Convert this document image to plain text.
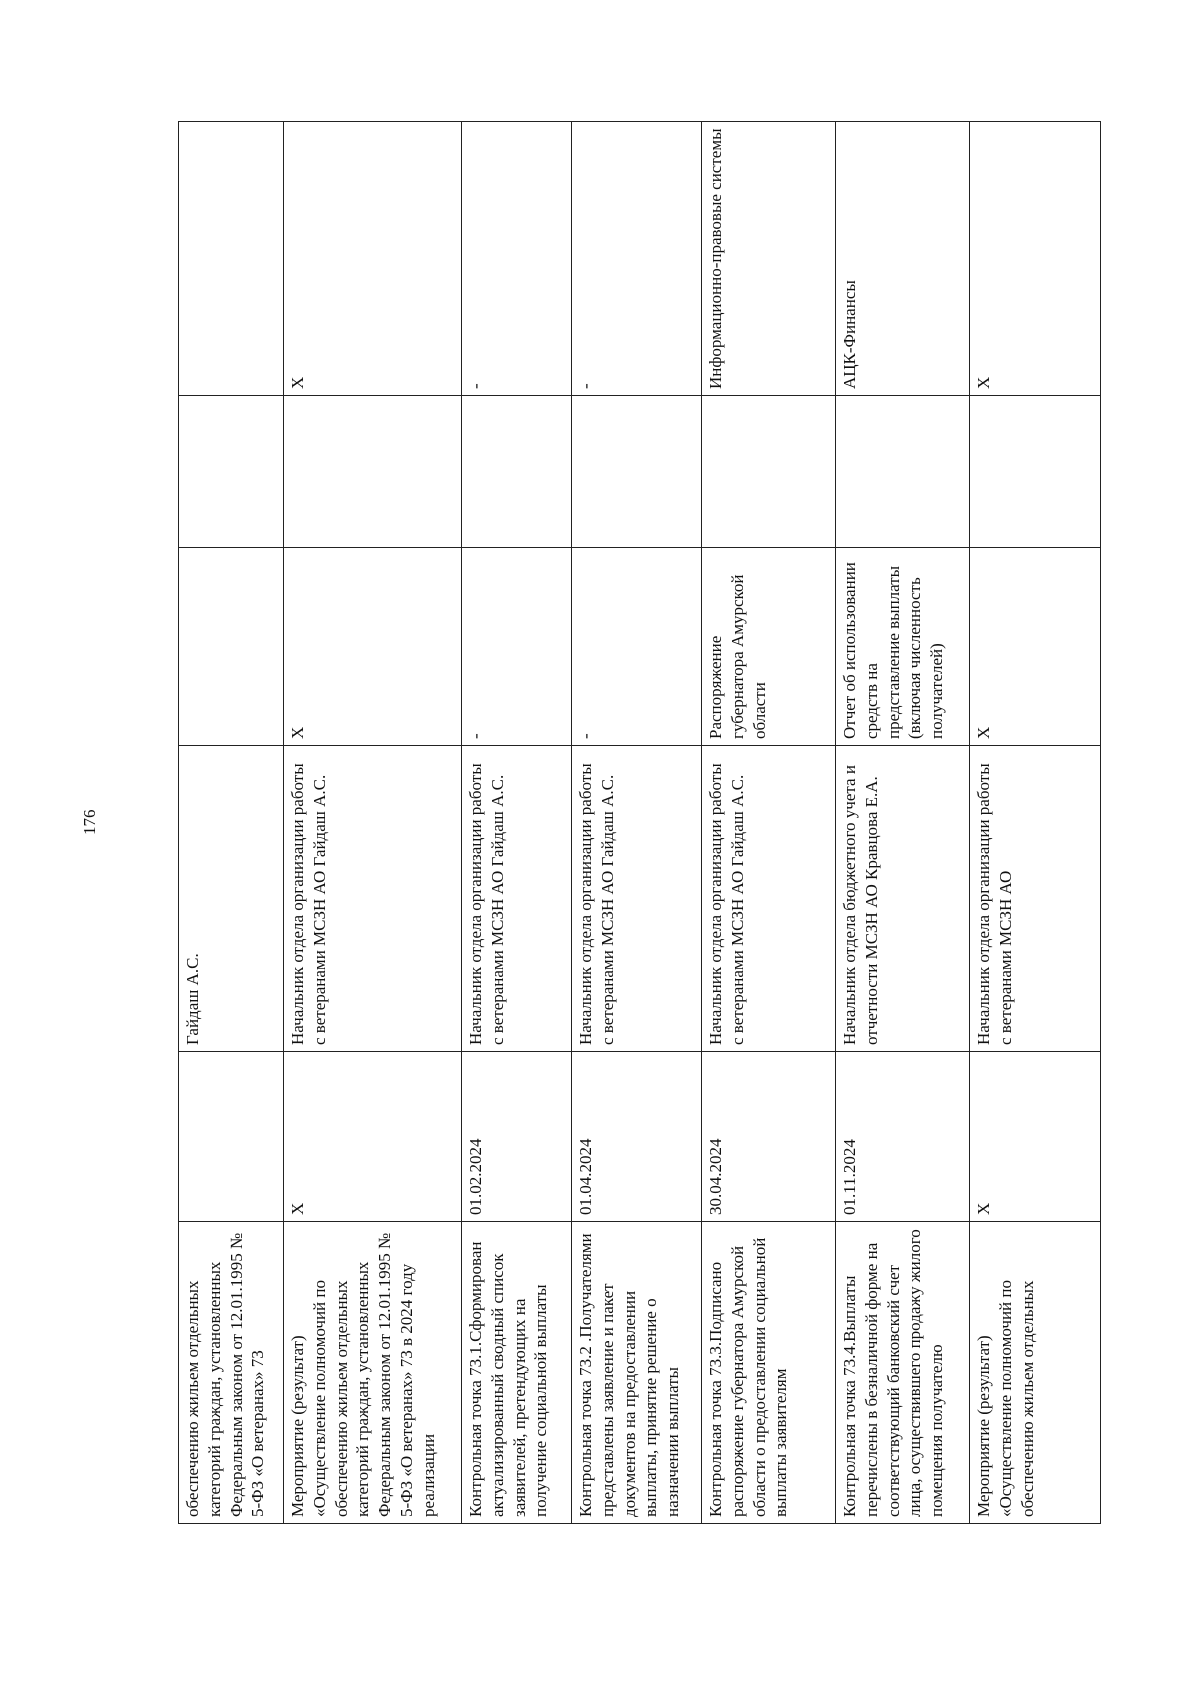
176
обеспечению жильем отдельных категорий граждан, установленных Федеральным законом от 12.01.1995 № 5-ФЗ «О ветеранах» 73		Гайдаш А.С.			
Мероприятие (результат) «Осуществление полномочий по обеспечению жильем отдельных категорий граждан, установленных Федеральным законом от 12.01.1995 № 5-ФЗ «О ветеранах» 73 в 2024 году реализации	X	Начальник отдела организации работы с ветеранами МСЗН АО Гайдаш А.С.	X		X
Контрольная точка 73.1.Сформирован актуализированный сводный список заявителей, претендующих на получение социальной выплаты	01.02.2024	Начальник отдела организации работы с ветеранами МСЗН АО Гайдаш А.С.	-		-
Контрольная точка 73.2 .Получателями представлены заявление и пакет документов на предоставлении выплаты, принятие решение о назначении выплаты	01.04.2024	Начальник отдела организации работы с ветеранами МСЗН АО Гайдаш А.С.	-		-
Контрольная точка 73.3.Подписано распоряжение губернатора Амурской области о предоставлении социальной выплаты заявителям	30.04.2024	Начальник отдела организации работы с ветеранами МСЗН АО Гайдаш А.С.	Распоряжение губернатора Амурской области		Информационно-правовые системы
Контрольная точка 73.4.Выплаты перечислены в безналичной форме на соответствующий банковский счет лица, осуществившего продажу жилого помещения получателю	01.11.2024	Начальник отдела бюджетного учета и отчетности МСЗН АО Кравцова Е.А.	Отчет об использовании средств на представление выплаты (включая численность получателей)		АЦК-Финансы
Мероприятие (результат) «Осуществление полномочий по обеспечению жильем отдельных	X	Начальник отдела организации работы с ветеранами МСЗН АО	X		X
